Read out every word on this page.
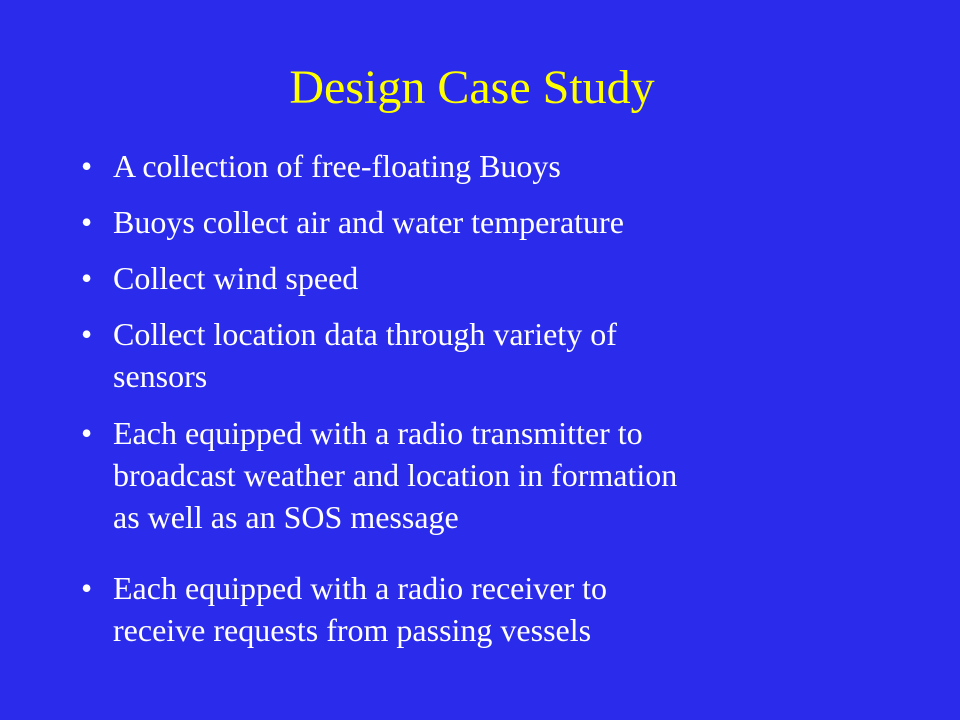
Design Case Study
• A collection of free-floating Buoys
• Buoys collect air and water temperature
• Collect wind speed
• Collect location data through variety of
sensors
• Each equipped with a radio transmitter to
broadcast weather and location in formation
as well as an SOS message
• Each equipped with a radio receiver to
receive requests from passing vessels
